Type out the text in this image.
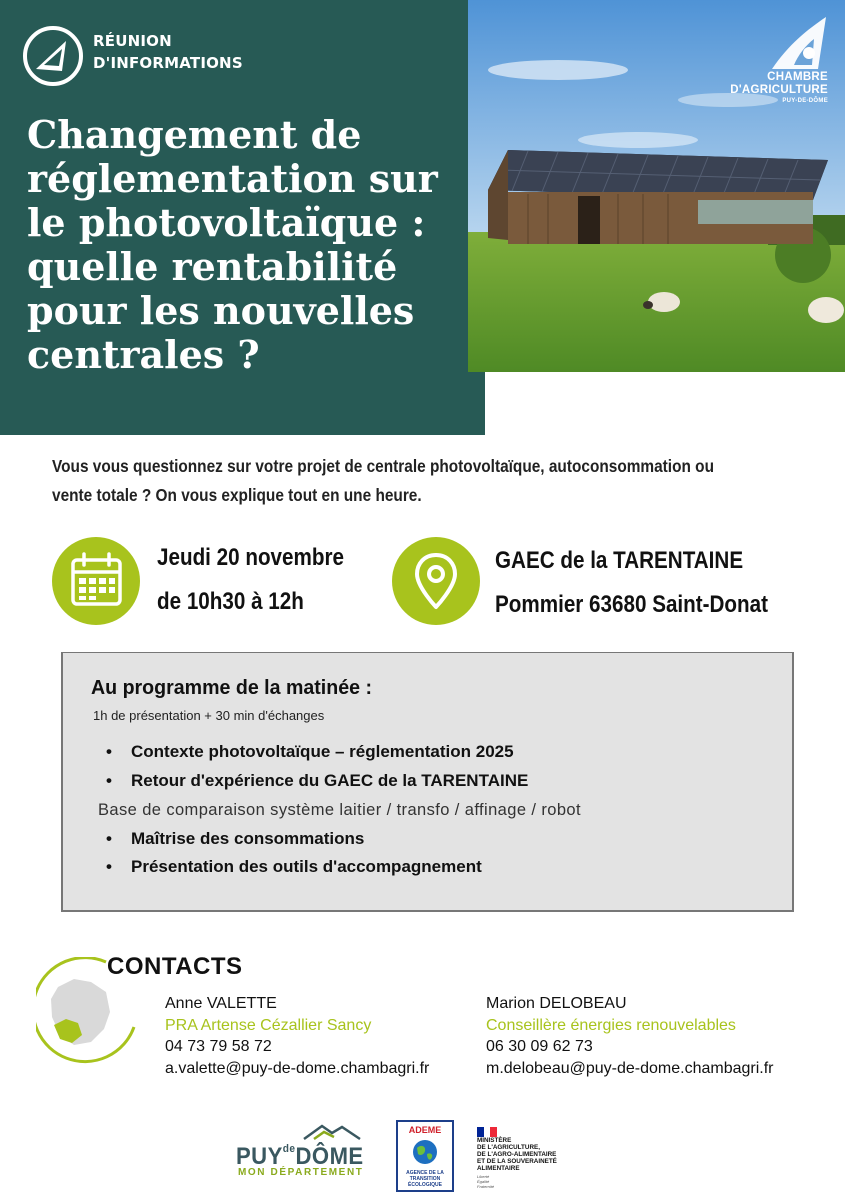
RÉUNION
D'INFORMATIONS
Changement de
réglementation sur
le photovoltaïque :
quelle rentabilité
pour les nouvelles
centrales ?
CHAMBRE
D'AGRICULTURE
PUY-DE-DÔME

Vous vous questionnez sur votre projet de centrale photovoltaïque, autoconsommation ou vente totale ? On vous explique tout en une heure.

Jeudi 20 novembre
de 10h30 à 12h
GAEC de la TARENTAINE
Pommier 63680 Saint-Donat
Au programme de la matinée :
1h de présentation + 30 min d'échanges
• Contexte photovoltaïque – réglementation 2025
• Retour d'expérience du GAEC de la TARENTAINE
Base de comparaison système laitier / transfo / affinage / robot
• Maîtrise des consommations
• Présentation des outils d'accompagnement
CONTACTS
Anne VALETTE
PRA Artense Cézallier Sancy
04 73 79 58 72
a.valette@puy-de-dome.chambagri.fr
Marion DELOBEAU
Conseillère énergies renouvelables
06 30 09 62 73
m.delobeau@puy-de-dome.chambagri.fr
$PUY^{de}DÔME$
MON DÉPARTEMENT
ADEME
AGENCE DE LA
TRANSITION
ÉCOLOGIQUE
MINISTÈRE
DE L'AGRICULTURE,
DE L'AGRO-ALIMENTAIRE
ET DE LA SOUVERAINETÉ
ALIMENTAIRE
Liberté
Égalité
Fraternité
